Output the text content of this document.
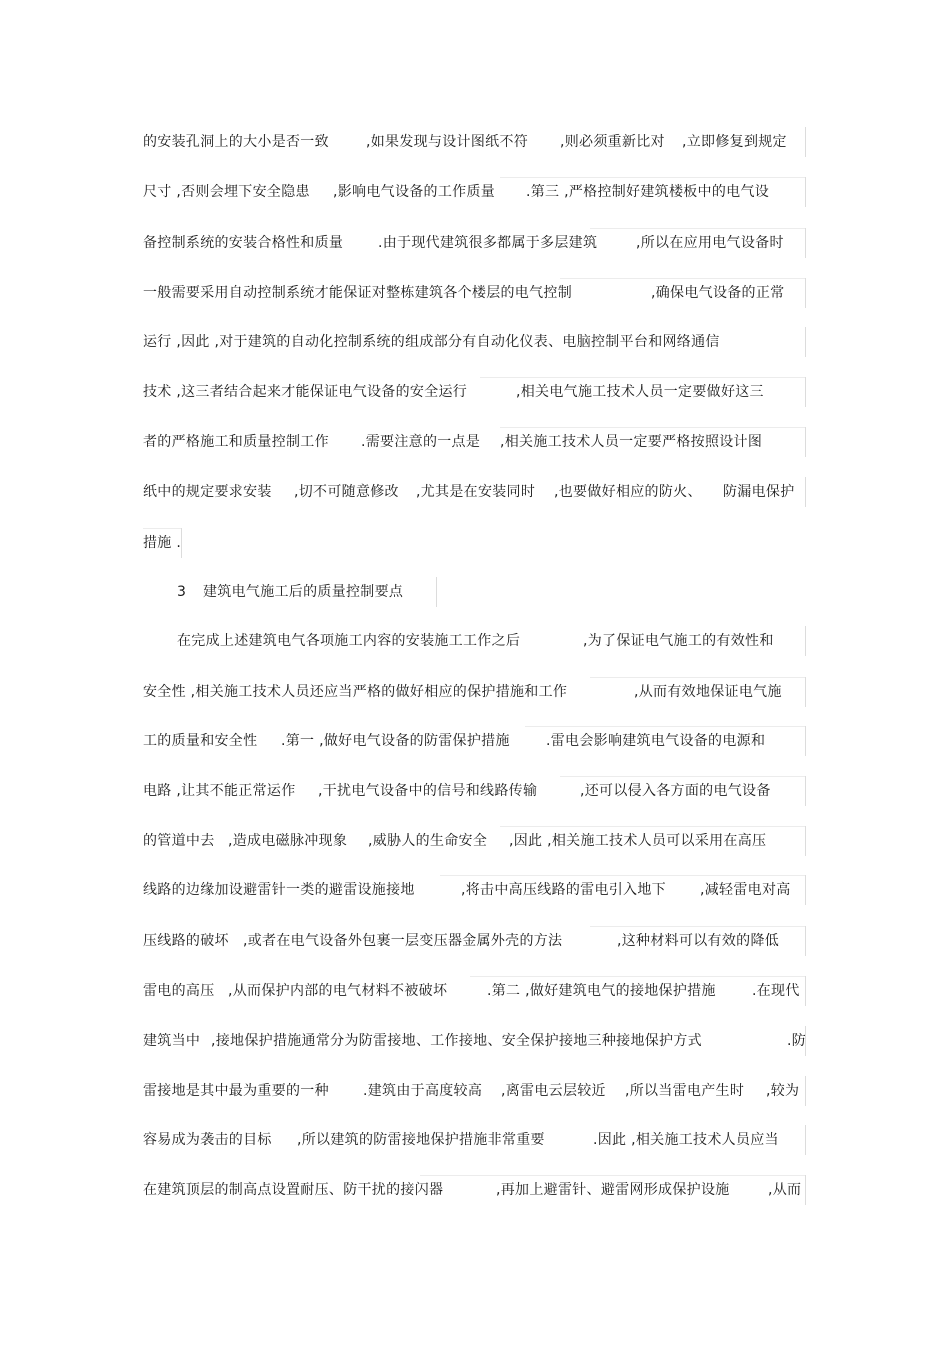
的安装孔洞上的大小是否一致	,如果发现与设计图纸不符 ,则必须重新比对 ,立即修复到规定
尺寸 ,否则会埋下安全隐患 ,影响电气设备的工作质量 .第三 ,严格控制好建筑楼板中的电气设
备控制系统的安装合格性和质量 .由于现代建筑很多都属于多层建筑	,所以在应用电气设备时
一般需要采用自动控制系统才能保证对整栋建筑各个楼层的电气控制	,确保电气设备的正常
运行 ,因此 ,对于建筑的自动化控制系统的组成部分有自动化仪表、电脑控制平台和网络通信
技术 ,这三者结合起来才能保证电气设备的安全运行	,相关电气施工技术人员一定要做好这三
者的严格施工和质量控制工作 .需要注意的一点是 ,相关施工技术人员一定要严格按照设计图
纸中的规定要求安装 ,切不可随意修改 ,尤其是在安装同时 ,也要做好相应的防火、 防漏电保护
措施 .
3 建筑电气施工后的质量控制要点
在完成上述建筑电气各项施工内容的安装施工工作之后	,为了保证电气施工的有效性和
安全性 ,相关施工技术人员还应当严格的做好相应的保护措施和工作	,从而有效地保证电气施
工的质量和安全性 .第一 ,做好电气设备的防雷保护措施	.雷电会影响建筑电气设备的电源和
电路 ,让其不能正常运作 ,干扰电气设备中的信号和线路传输	,还可以侵入各方面的电气设备
的管道中去 ,造成电磁脉冲现象 ,威胁人的生命安全 ,因此 ,相关施工技术人员可以采用在高压
线路的边缘加设避雷针一类的避雷设施接地	,将击中高压线路的雷电引入地下 ,减轻雷电对高
压线路的破坏 ,或者在电气设备外包裹一层变压器金属外壳的方法	,这种材料可以有效的降低
雷电的高压 ,从而保护内部的电气材料不被破坏	.第二 ,做好建筑电气的接地保护措施	.在现代
建筑当中 ,接地保护措施通常分为防雷接地、工作接地、安全保护接地三种接地保护方式	.防
雷接地是其中最为重要的一种 .建筑由于高度较高 ,离雷电云层较近 ,所以当雷电产生时 ,较为
容易成为袭击的目标 ,所以建筑的防雷接地保护措施非常重要	.因此 ,相关施工技术人员应当
在建筑顶层的制高点设置耐压、防干扰的接闪器	,再加上避雷针、避雷网形成保护设施	,从而
